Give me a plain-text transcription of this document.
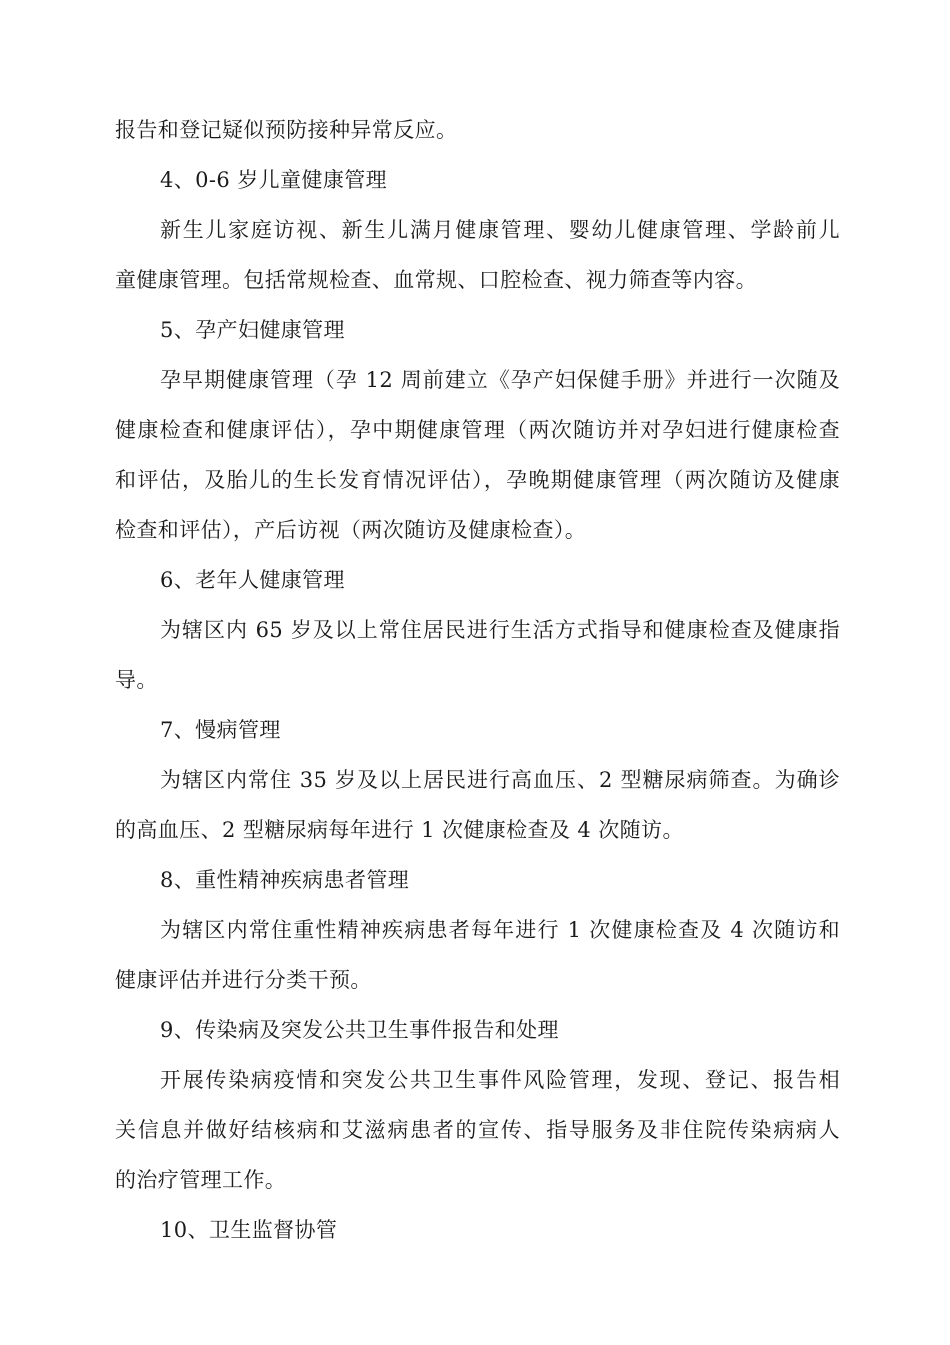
报告和登记疑似预防接种异常反应。
4、0-6 岁儿童健康管理
新生儿家庭访视、新生儿满月健康管理、婴幼儿健康管理、学龄前儿
童健康管理。包括常规检查、血常规、口腔检查、视力筛查等内容。
5、孕产妇健康管理
孕早期健康管理（孕 12 周前建立《孕产妇保健手册》并进行一次随及
健康检查和健康评估），孕中期健康管理（两次随访并对孕妇进行健康检查
和评估，及胎儿的生长发育情况评估），孕晚期健康管理（两次随访及健康
检查和评估），产后访视（两次随访及健康检查）。
6、老年人健康管理
为辖区内 65 岁及以上常住居民进行生活方式指导和健康检查及健康指
导。
7、慢病管理
为辖区内常住 35 岁及以上居民进行高血压、2 型糖尿病筛查。为确诊
的高血压、2 型糖尿病每年进行 1 次健康检查及 4 次随访。
8、重性精神疾病患者管理
为辖区内常住重性精神疾病患者每年进行 1 次健康检查及 4 次随访和
健康评估并进行分类干预。
9、传染病及突发公共卫生事件报告和处理
开展传染病疫情和突发公共卫生事件风险管理，发现、登记、报告相
关信息并做好结核病和艾滋病患者的宣传、指导服务及非住院传染病病人
的治疗管理工作。
10、卫生监督协管
